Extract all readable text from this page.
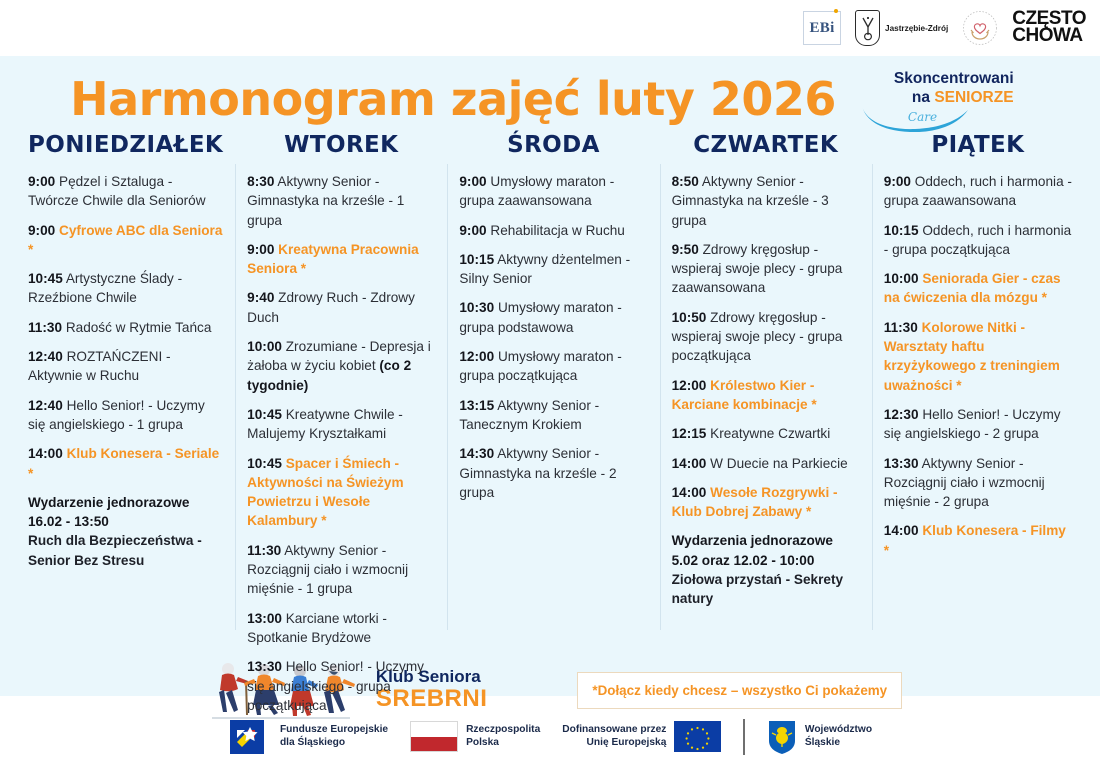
EBi	Jastrzębie-Zdrój	CZĘSTO
CHOWA
Harmonogram zajęć luty 2026	Skoncentrowani
na SENIORZE
Care
PONIEDZIAŁEK
9:00 Pędzel i Sztaluga - Twórcze Chwile dla Seniorów
9:00 Cyfrowe ABC dla Seniora *
10:45 Artystyczne Ślady - Rzeźbione Chwile
11:30 Radość w Rytmie Tańca
12:40 ROZTAŃCZENI - Aktywnie w Ruchu
12:40 Hello Senior! - Uczymy się angielskiego - 1 grupa
14:00 Klub Konesera - Seriale *
Wydarzenie jednorazowe
16.02 - 13:50
Ruch dla Bezpieczeństwa - Senior Bez Stresu
WTOREK
8:30 Aktywny Senior - Gimnastyka na krześle - 1 grupa
9:00 Kreatywna Pracownia Seniora *
9:40 Zdrowy Ruch - Zdrowy Duch
10:00 Zrozumiane - Depresja i żałoba w życiu kobiet (co 2 tygodnie)
10:45 Kreatywne Chwile - Malujemy Kryształkami
10:45 Spacer i Śmiech - Aktywności na Świeżym Powietrzu i Wesołe Kalambury *
11:30 Aktywny Senior - Rozciągnij ciało i wzmocnij mięśnie - 1 grupa
13:00 Karciane wtorki - Spotkanie Brydżowe
13:30 Hello Senior! - Uczymy się angielskiego - grupa początkująca
ŚRODA
9:00 Umysłowy maraton - grupa zaawansowana
9:00 Rehabilitacja w Ruchu
10:15 Aktywny dżentelmen - Silny Senior
10:30 Umysłowy maraton - grupa podstawowa
12:00 Umysłowy maraton - grupa początkująca
13:15 Aktywny Senior - Tanecznym Krokiem
14:30 Aktywny Senior - Gimnastyka na krześle - 2 grupa
CZWARTEK
8:50 Aktywny Senior - Gimnastyka na krześle - 3 grupa
9:50 Zdrowy kręgosłup - wspieraj swoje plecy - grupa zaawansowana
10:50 Zdrowy kręgosłup - wspieraj swoje plecy - grupa początkująca
12:00 Królestwo Kier - Karciane kombinacje *
12:15 Kreatywne Czwartki
14:00 W Duecie na Parkiecie
14:00 Wesołe Rozgrywki - Klub Dobrej Zabawy *
Wydarzenia jednorazowe
5.02 oraz 12.02 - 10:00
Ziołowa przystań - Sekrety natury
PIĄTEK
9:00 Oddech, ruch i harmonia - grupa zaawansowana
10:15 Oddech, ruch i harmonia - grupa początkująca
10:00 Seniorada Gier - czas na ćwiczenia dla mózgu *
11:30 Kolorowe Nitki - Warsztaty haftu krzyżykowego z treningiem uważności *
12:30 Hello Senior! - Uczymy się angielskiego - 2 grupa
13:30 Aktywny Senior - Rozciągnij ciało i wzmocnij mięśnie - 2 grupa
14:00 Klub Konesera - Filmy *
Klub Seniora
SREBRNI	*Dołącz kiedy chcesz – wszystko Ci pokażemy
Fundusze Europejskie
dla Śląskiego
Rzeczpospolita
Polska
Dofinansowane przez
Unię Europejską
Województwo
Śląskie
